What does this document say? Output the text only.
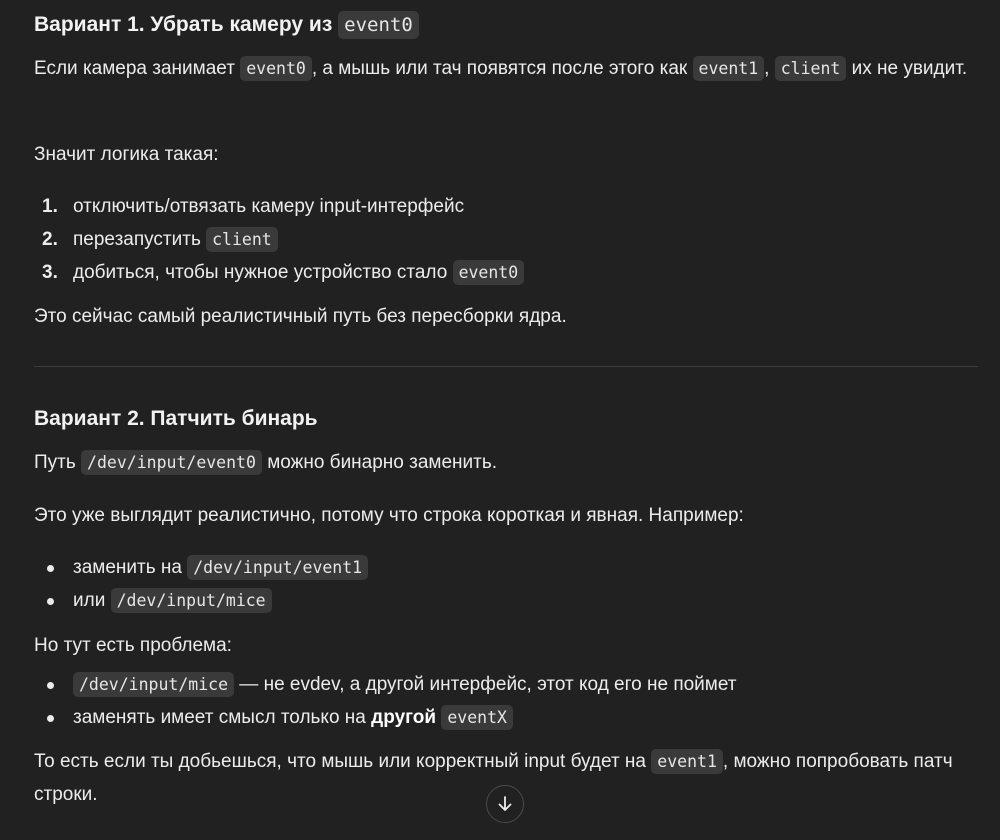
Вариант 1. Убрать камеру из event0

Если камера занимает event0 , а мышь или тач появятся после этого как event1 , client их не увидит.

Значит логика такая:

1. отключить/отвязать камеру input-интерфейс
2. перезапустить client
3. добиться, чтобы нужное устройство стало event0

Это сейчас самый реалистичный путь без пересборки ядра.

Вариант 2. Патчить бинарь

Путь /dev/input/event0 можно бинарно заменить.

Это уже выглядит реалистично, потому что строка короткая и явная. Например:

заменить на /dev/input/event1
или /dev/input/mice

Но тут есть проблема:

/dev/input/mice — не evdev, а другой интерфейс, этот код его не поймет
заменять имеет смысл только на другой eventX

То есть если ты добьешься, что мышь или корректный input будет на event1 , можно попробовать патч строки.
